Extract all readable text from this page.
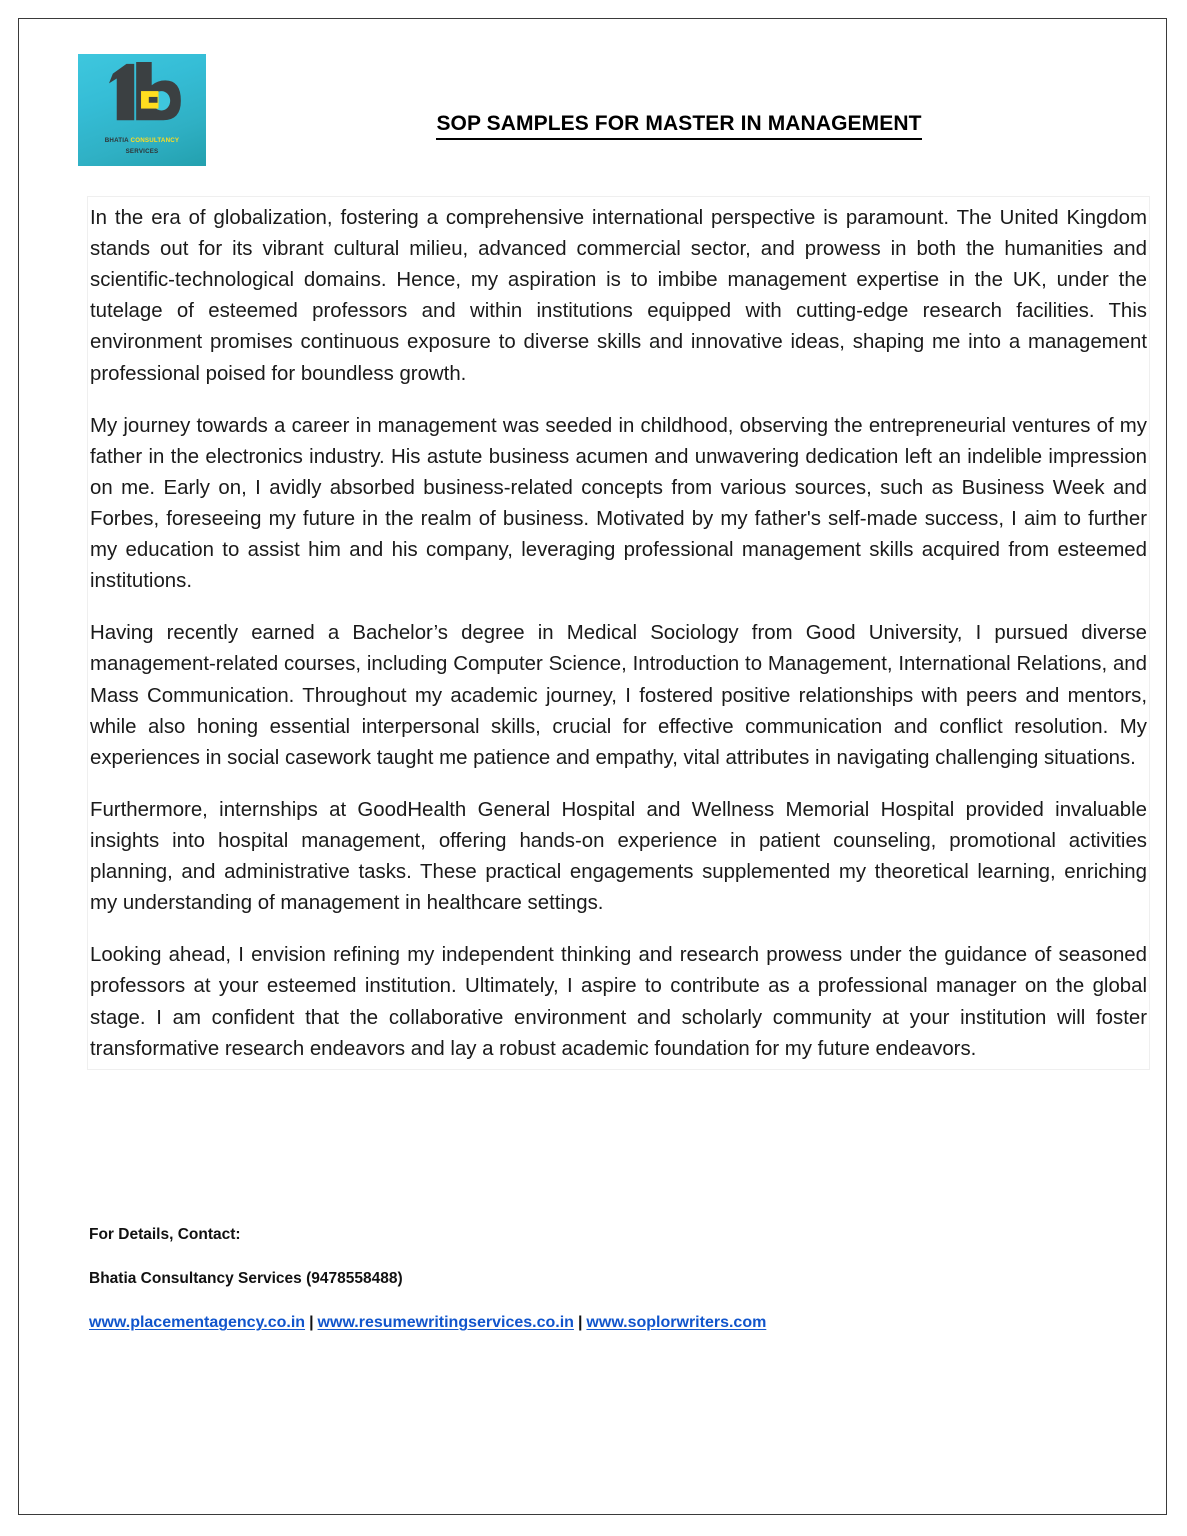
BHATIA CONSULTANCY
SERVICES
SOP SAMPLES FOR MASTER IN MANAGEMENT

In the era of globalization, fostering a comprehensive international perspective is paramount. The United Kingdom stands out for its vibrant cultural milieu, advanced commercial sector, and prowess in both the humanities and scientific-technological domains. Hence, my aspiration is to imbibe management expertise in the UK, under the tutelage of esteemed professors and within institutions equipped with cutting-edge research facilities. This environment promises continuous exposure to diverse skills and innovative ideas, shaping me into a management professional poised for boundless growth.

My journey towards a career in management was seeded in childhood, observing the entrepreneurial ventures of my father in the electronics industry. His astute business acumen and unwavering dedication left an indelible impression on me. Early on, I avidly absorbed business-related concepts from various sources, such as Business Week and Forbes, foreseeing my future in the realm of business. Motivated by my father's self-made success, I aim to further my education to assist him and his company, leveraging professional management skills acquired from esteemed institutions.

Having recently earned a Bachelor’s degree in Medical Sociology from Good University, I pursued diverse management-related courses, including Computer Science, Introduction to Management, International Relations, and Mass Communication. Throughout my academic journey, I fostered positive relationships with peers and mentors, while also honing essential interpersonal skills, crucial for effective communication and conflict resolution. My experiences in social casework taught me patience and empathy, vital attributes in navigating challenging situations.

Furthermore, internships at GoodHealth General Hospital and Wellness Memorial Hospital provided invaluable insights into hospital management, offering hands-on experience in patient counseling, promotional activities planning, and administrative tasks. These practical engagements supplemented my theoretical learning, enriching my understanding of management in healthcare settings.

Looking ahead, I envision refining my independent thinking and research prowess under the guidance of seasoned professors at your esteemed institution. Ultimately, I aspire to contribute as a professional manager on the global stage. I am confident that the collaborative environment and scholarly community at your institution will foster transformative research endeavors and lay a robust academic foundation for my future endeavors.

For Details, Contact:
Bhatia Consultancy Services (9478558488)
www.placementagency.co.in | www.resumewritingservices.co.in | www.soplorwriters.com
